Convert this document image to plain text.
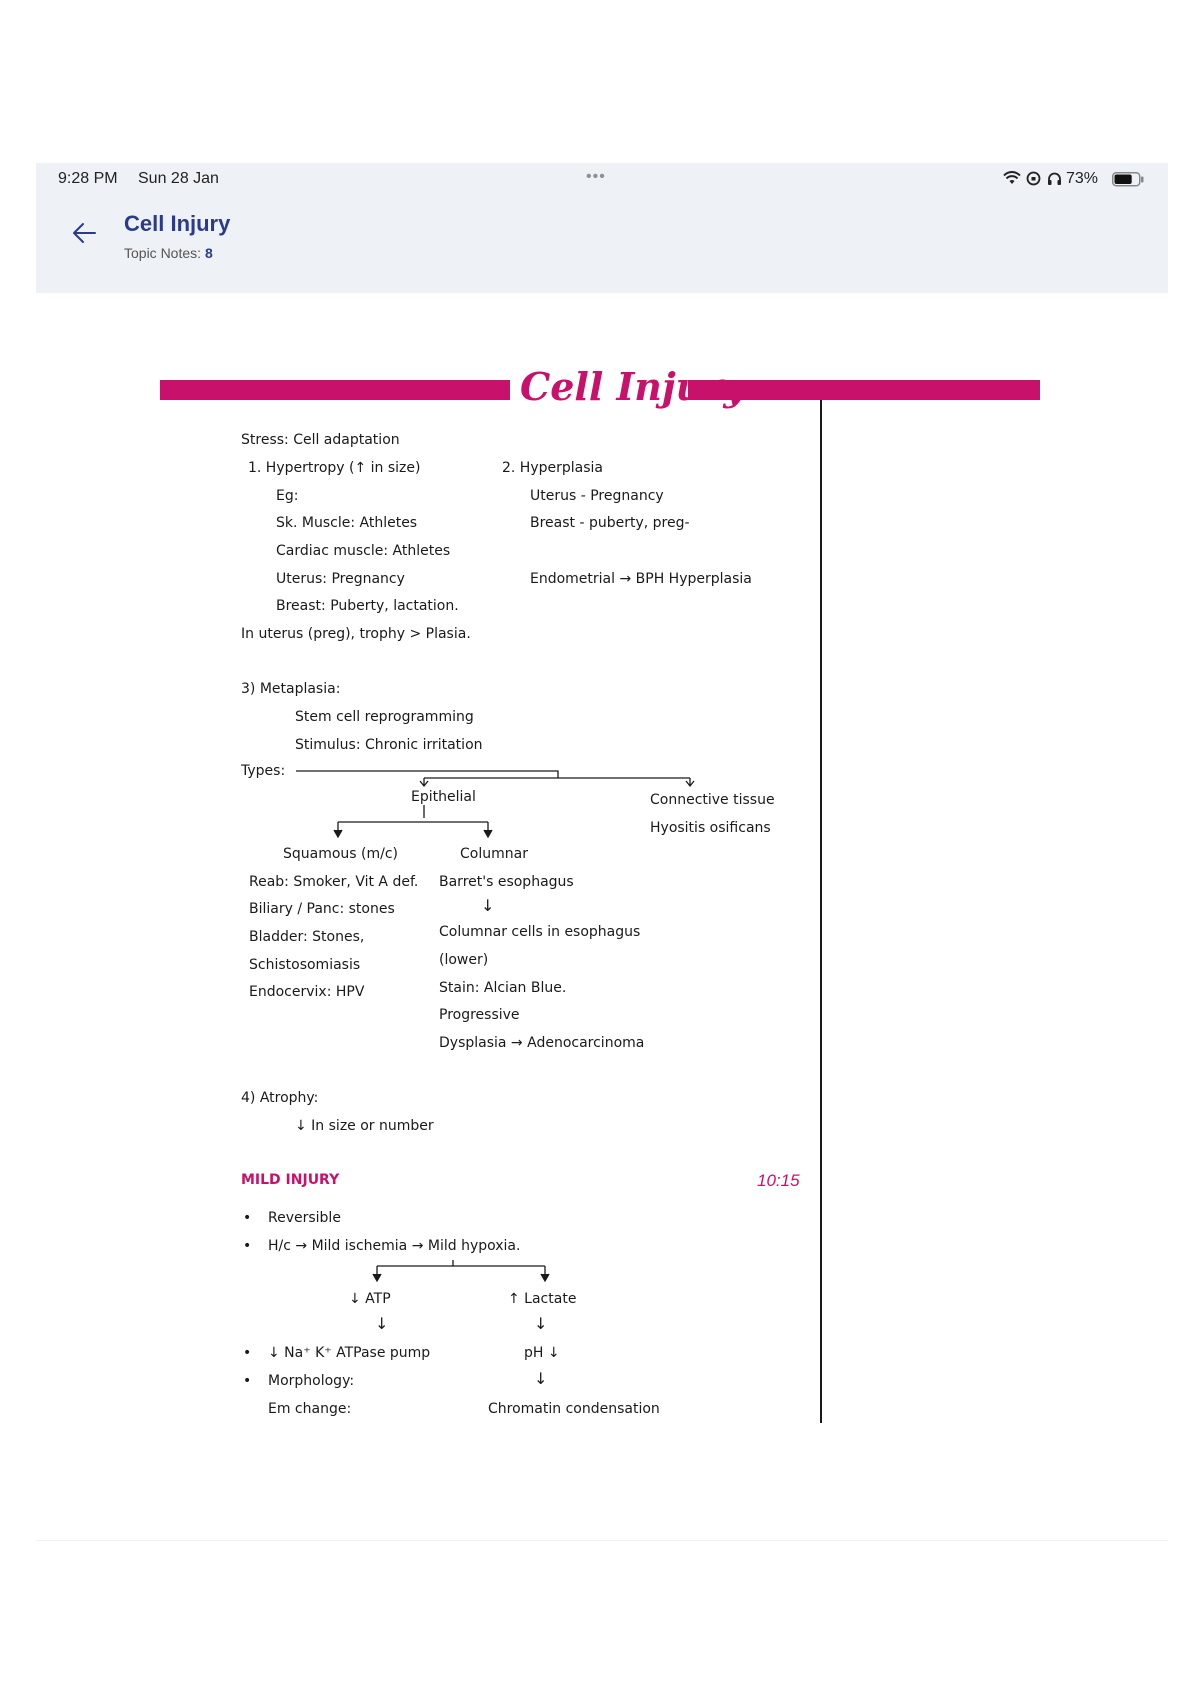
9:28 PM Sun 28 Jan	•••	73%
Cell Injury
Topic Notes: 8
Cell Injury
Stress: Cell adaptation
1. Hypertropy (↑ in size)
Eg:
Sk. Muscle: Athletes
Cardiac muscle: Athletes
Uterus: Pregnancy
Breast: Puberty, lactation.
In uterus (preg), trophy > Plasia.
2. Hyperplasia
Uterus - Pregnancy
Breast - puberty, preg-
Endometrial → BPH Hyperplasia
3) Metaplasia:
Stem cell reprogramming
Stimulus: Chronic irritation
Types:
Epithelial	Connective tissue
Hyositis osificans
Squamous (m/c)
Reab: Smoker, Vit A def.
Biliary / Panc: stones
Bladder: Stones,
Schistosomiasis
Endocervix: HPV
Columnar
Barret's esophagus
↓
Columnar cells in esophagus
(lower)
Stain: Alcian Blue.
Progressive
Dysplasia → Adenocarcinoma
4) Atrophy:
↓ In size or number
MILD INJURY	10:15
• Reversible
• H/c → Mild ischemia → Mild hypoxia.
↓ ATP	↑ Lactate
↓	↓
• ↓ Na⁺ K⁺ ATPase pump	pH ↓
• Morphology:	↓
Em change:	Chromatin condensation
